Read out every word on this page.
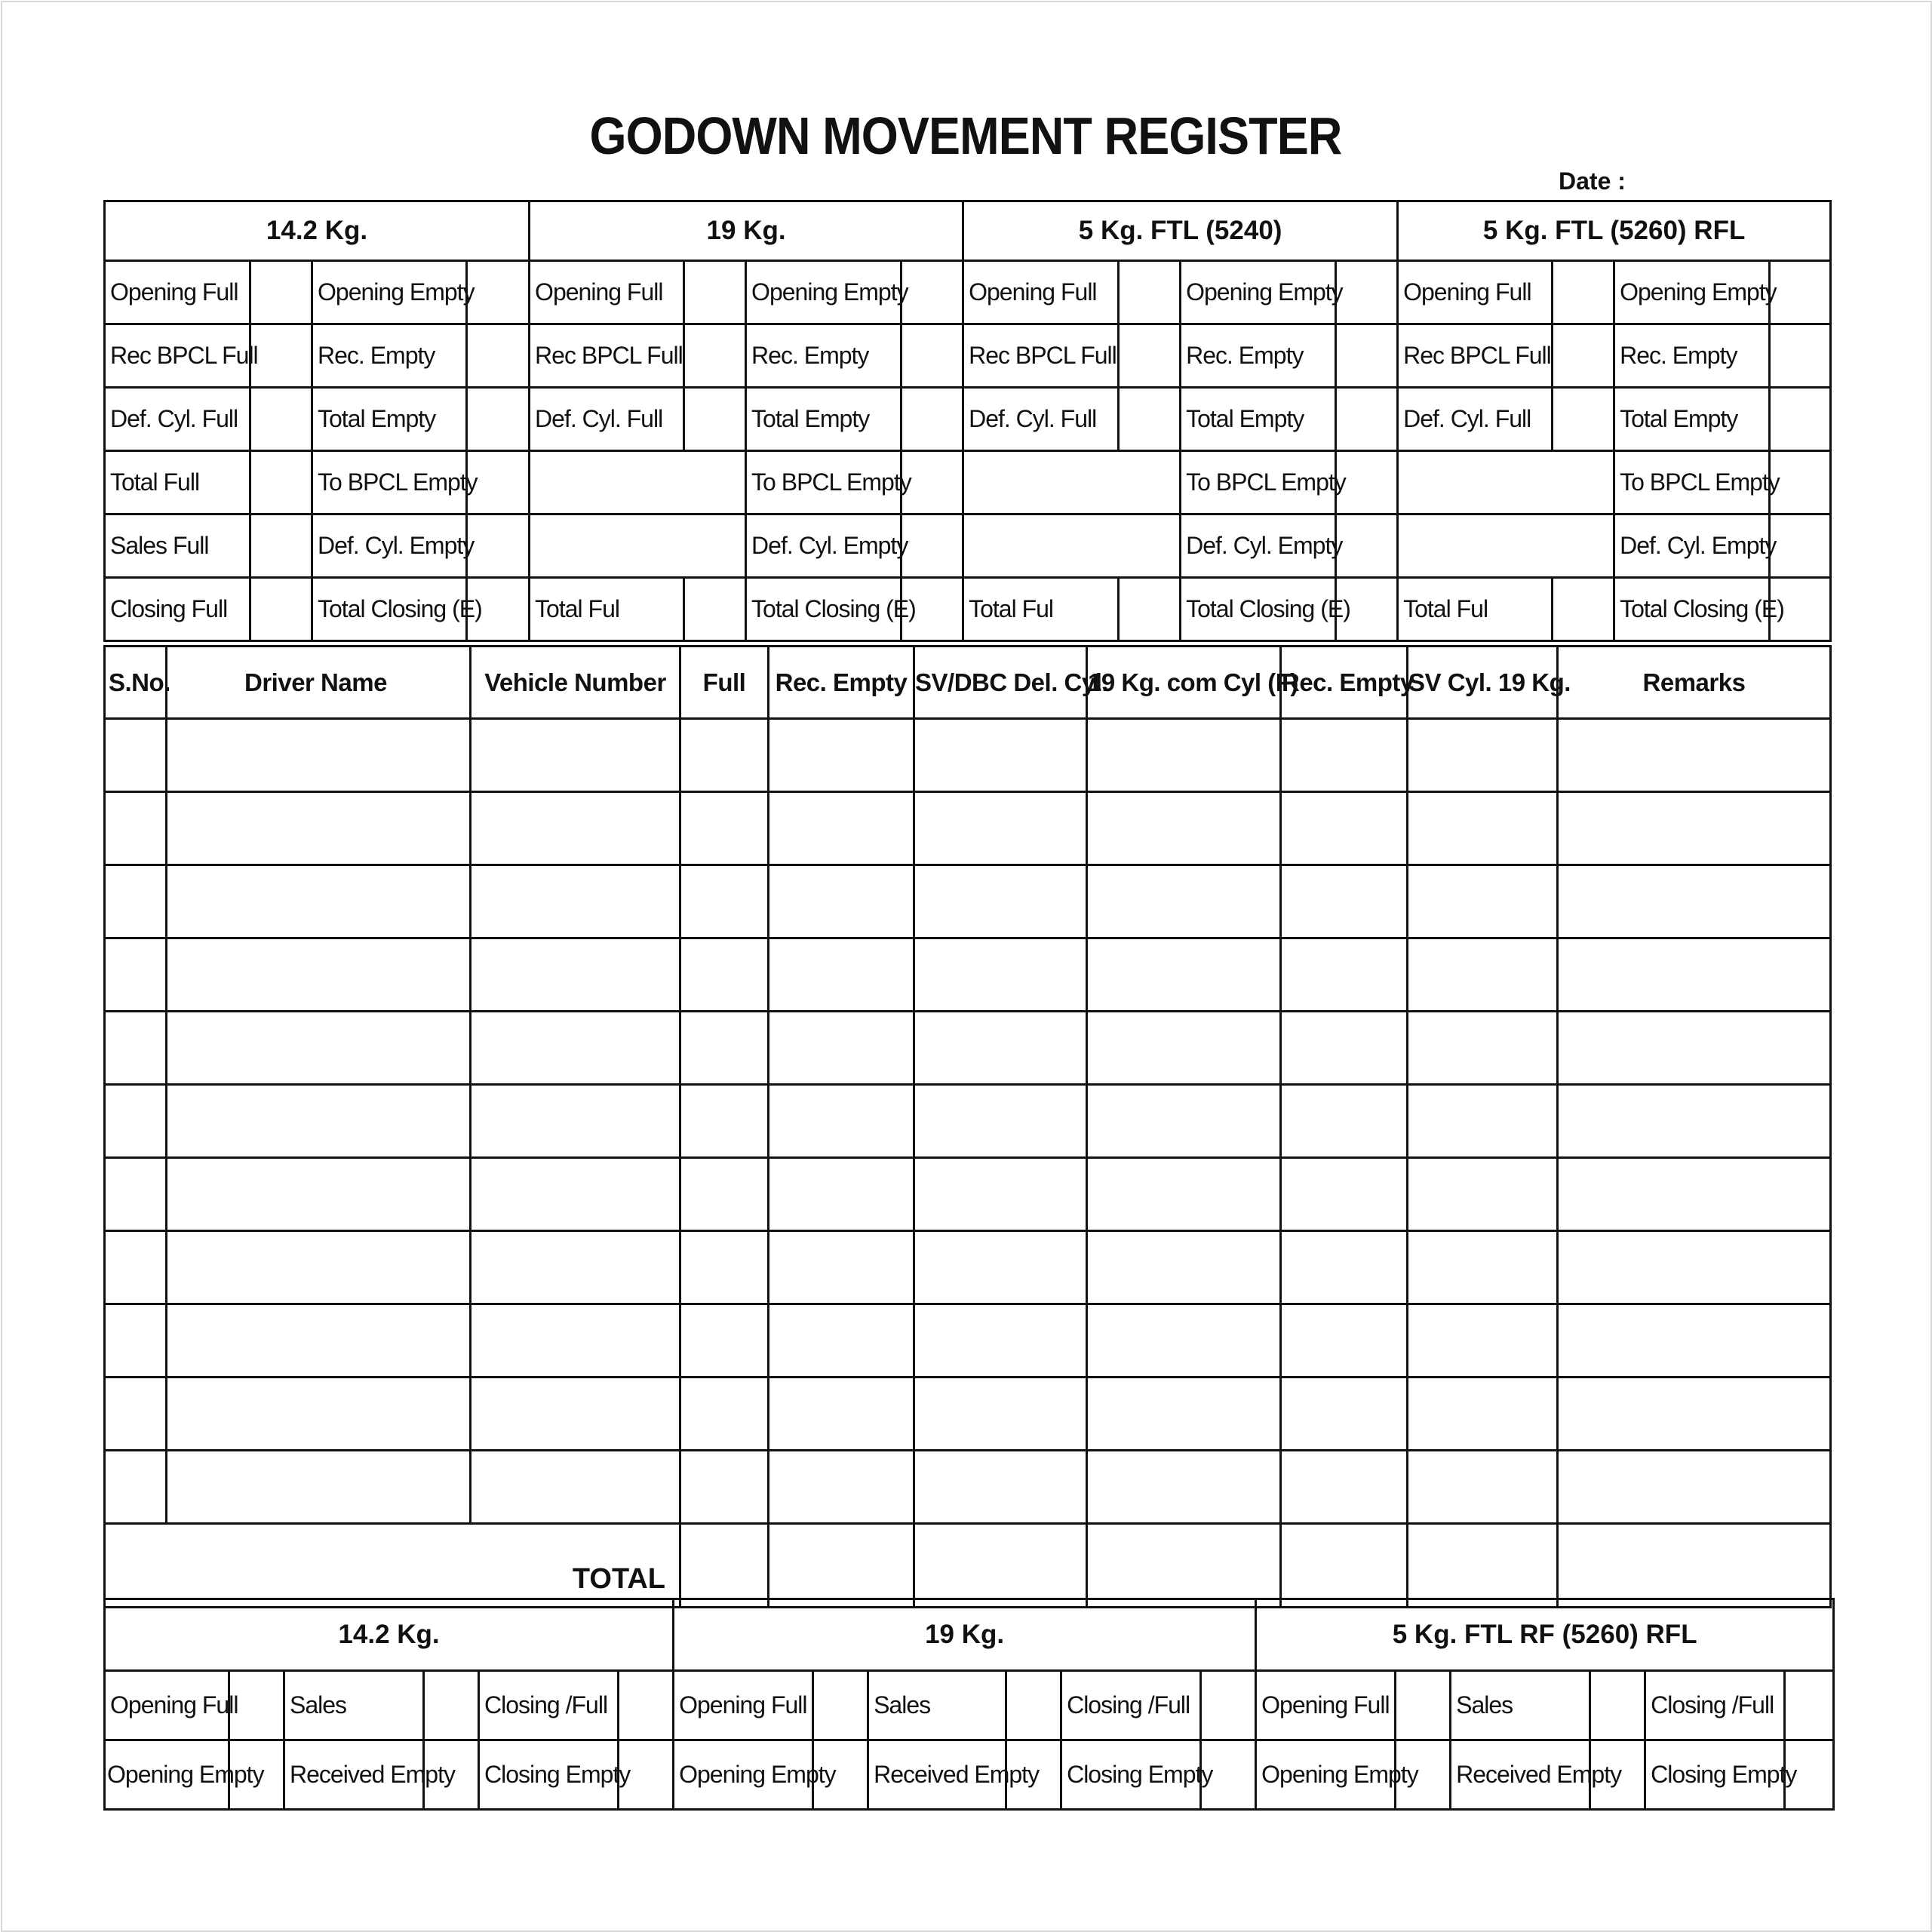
GODOWN MOVEMENT REGISTER
Date :
14.2 Kg.				19 Kg.				5 Kg. FTL (5240)				5 Kg. FTL (5260) RFL			
Opening Full		Opening Empty		Opening Full		Opening Empty		Opening Full		Opening Empty		Opening Full		Opening Empty	
Rec BPCL Full		Rec. Empty		Rec BPCL Full		Rec. Empty		Rec BPCL Full		Rec. Empty		Rec BPCL Full		Rec. Empty	
Def. Cyl. Full		Total Empty		Def. Cyl. Full		Total Empty		Def. Cyl. Full		Total Empty		Def. Cyl. Full		Total Empty	
Total Full		To BPCL Empty				To BPCL Empty				To BPCL Empty				To BPCL Empty	
Sales Full		Def. Cyl. Empty				Def. Cyl. Empty				Def. Cyl. Empty				Def. Cyl. Empty	
Closing Full		Total Closing (E)		Total Ful		Total Closing (E)		Total Ful		Total Closing (E)		Total Ful		Total Closing (E)	
S.No.	Driver Name	Vehicle Number	Full	Rec. Empty	SV/DBC Del. Cyl.	19 Kg. com Cyl (F)	Rec. Empty	SV Cyl. 19 Kg.	Remarks

TOTAL									
14.2 Kg.						19 Kg.						5 Kg. FTL RF (5260) RFL					
Opening Full		Sales		Closing /Full		Opening Full		Sales		Closing /Full		Opening Full		Sales		Closing /Full	
Opening Empty		Received Empty		Closing Empty		Opening Empty		Received Empty		Closing Empty		Opening Empty		Received Empty		Closing Empty	
